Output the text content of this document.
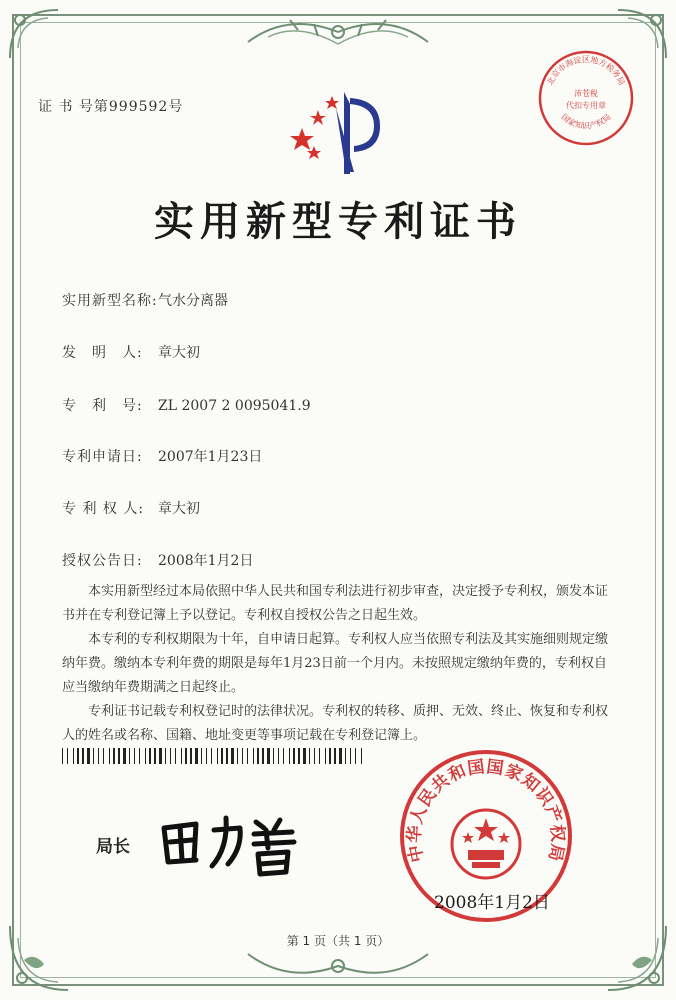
证 书 号第999592号
北京市海淀区地方税务局
沛苍税
代扣专用章
国家知识产权局
实用新型专利证书
实用新型名称:气水分离器
发　明　人: 章大初
专　利　号: ZL 2007 2 0095041.9
专利申请日: 2007年1月23日
专 利 权 人: 章大初
授权公告日: 2008年1月2日
本实用新型经过本局依照中华人民共和国专利法进行初步审查，决定授予专利权，颁发本证书并在专利登记簿上予以登记。专利权自授权公告之日起生效。
本专利的专利权期限为十年，自申请日起算。专利权人应当依照专利法及其实施细则规定缴纳年费。缴纳本专利年费的期限是每年1月23日前一个月内。未按照规定缴纳年费的，专利权自应当缴纳年费期满之日起终止。
专利证书记载专利权登记时的法律状况。专利权的转移、质押、无效、终止、恢复和专利权人的姓名或名称、国籍、地址变更等事项记载在专利登记簿上。
局长	中华人民共和国国家知识产权局
2008年1月2日
第 1 页（共 1 页）
